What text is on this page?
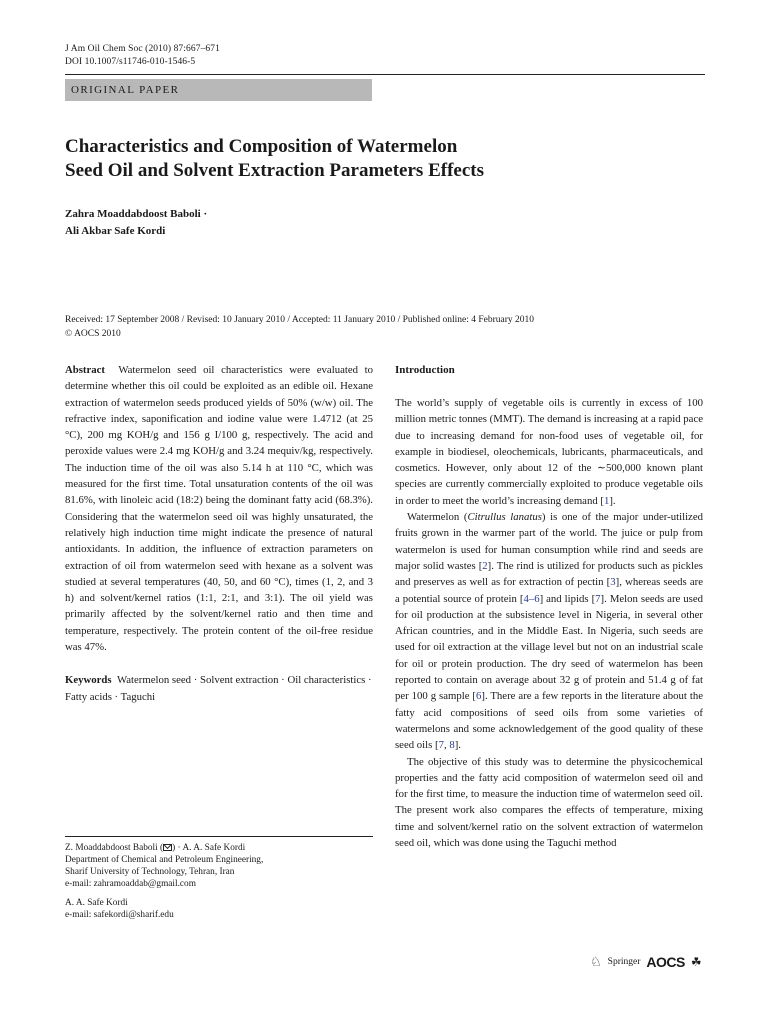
J Am Oil Chem Soc (2010) 87:667–671
DOI 10.1007/s11746-010-1546-5
ORIGINAL PAPER
Characteristics and Composition of Watermelon
Seed Oil and Solvent Extraction Parameters Effects
Zahra Moaddabdoost Baboli ·
Ali Akbar Safe Kordi
Received: 17 September 2008 / Revised: 10 January 2010 / Accepted: 11 January 2010 / Published online: 4 February 2010
© AOCS 2010

Abstract Watermelon seed oil characteristics were evaluated to determine whether this oil could be exploited as an edible oil. Hexane extraction of watermelon seeds produced yields of 50% (w/w) oil. The refractive index, saponification and iodine value were 1.4712 (at 25 °C), 200 mg KOH/g and 156 g I/100 g, respectively. The acid and peroxide values were 2.4 mg KOH/g and 3.24 mequiv/kg, respectively. The induction time of the oil was also 5.14 h at 110 °C, which was measured for the first time. Total unsaturation contents of the oil was 81.6%, with linoleic acid (18:2) being the dominant fatty acid (68.3%). Considering that the watermelon seed oil was highly unsaturated, the relatively high induction time might indicate the presence of natural antioxidants. In addition, the influence of extraction parameters on extraction of oil from watermelon seed with hexane as a solvent was studied at several temperatures (40, 50, and 60 °C), times (1, 2, and 3 h) and solvent/kernel ratios (1:1, 2:1, and 3:1). The oil yield was primarily affected by the solvent/kernel ratio and then time and temperature, respectively. The protein content of the oil-free residue was 47%.

Keywords Watermelon seed · Solvent extraction · Oil characteristics · Fatty acids · Taguchi

Z. Moaddabdoost Baboli ( ) · A. A. Safe Kordi

Department of Chemical and Petroleum Engineering,

Sharif University of Technology, Tehran, Iran

e-mail: zahramoaddab@gmail.com

A. A. Safe Kordi

e-mail: safekordi@sharif.edu

Introduction

The world’s supply of vegetable oils is currently in excess of 100 million metric tonnes (MMT). The demand is increasing at a rapid pace due to increasing demand for non-food uses of vegetable oil, for example in biodiesel, oleochemicals, lubricants, pharmaceuticals, and cosmetics. However, only about 12 of the ∼500,000 known plant species are currently commercially exploited to produce vegetable oils in order to meet the world’s increasing demand [1].

Watermelon (Citrullus lanatus) is one of the major under-utilized fruits grown in the warmer part of the world. The juice or pulp from watermelon is used for human consumption while rind and seeds are major solid wastes [2]. The rind is utilized for products such as pickles and preserves as well as for extraction of pectin [3], whereas seeds are a potential source of protein [4–6] and lipids [7]. Melon seeds are used for oil production at the subsistence level in Nigeria, in several other African countries, and in the Middle East. In Nigeria, such seeds are used for oil extraction at the village level but not on an industrial scale for oil or protein production. The dry seed of watermelon has been reported to contain on average about 32 g of protein and 51.4 g of fat per 100 g sample [6]. There are a few reports in the literature about the fatty acid compositions of seed oils from some varieties of watermelons and some acknowledgement of the good quality of these seed oils [7, 8].

The objective of this study was to determine the physicochemical properties and the fatty acid composition of watermelon seed oil and for the first time, to measure the induction time of watermelon seed oil. The present work also compares the effects of temperature, mixing time and solvent/kernel ratio on the solvent extraction of watermelon seed oil, which was done using the Taguchi method

♘ Springer AOCS ☘
